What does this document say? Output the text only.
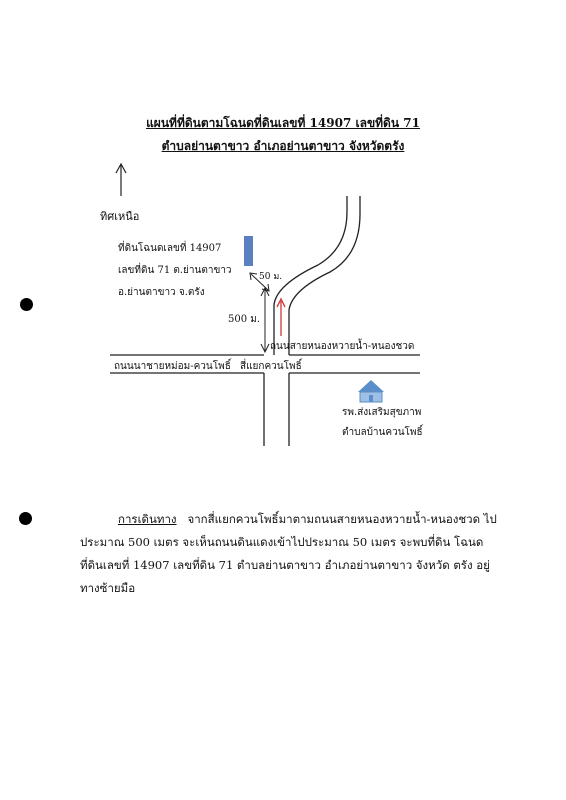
แผนที่ที่ดินตามโฉนดที่ดินเลขที่ 14907 เลขที่ดิน 71
ตำบลย่านตาขาว อำเภอย่านตาขาว จังหวัดตรัง
ทิศเหนือ
ที่ดินโฉนดเลขที่ 14907
เลขที่ดิน 71 ต.ย่านตาขาว
อ.ย่านตาขาว จ.ตรัง
50 ม.
500 ม.
ถนนสายหนองหวายน้ำ-หนองชวด
ถนนนาชายหม่อม-ควนโพธิ์ สี่แยกควนโพธิ์
รพ.ส่งเสริมสุขภาพ
ตำบลบ้านควนโพธิ์
การเดินทาง จากสี่แยกควนโพธิ์มาตามถนนสายหนองหวายน้ำ-หนองชวด ไปประมาณ 500 เมตร จะเห็นถนนดินแดงเข้าไปประมาณ 50 เมตร จะพบที่ดิน โฉนดที่ดินเลขที่ 14907 เลขที่ดิน 71 ตำบลย่านตาขาว อำเภอย่านตาขาว จังหวัด ตรัง อยู่ทางซ้ายมือ
